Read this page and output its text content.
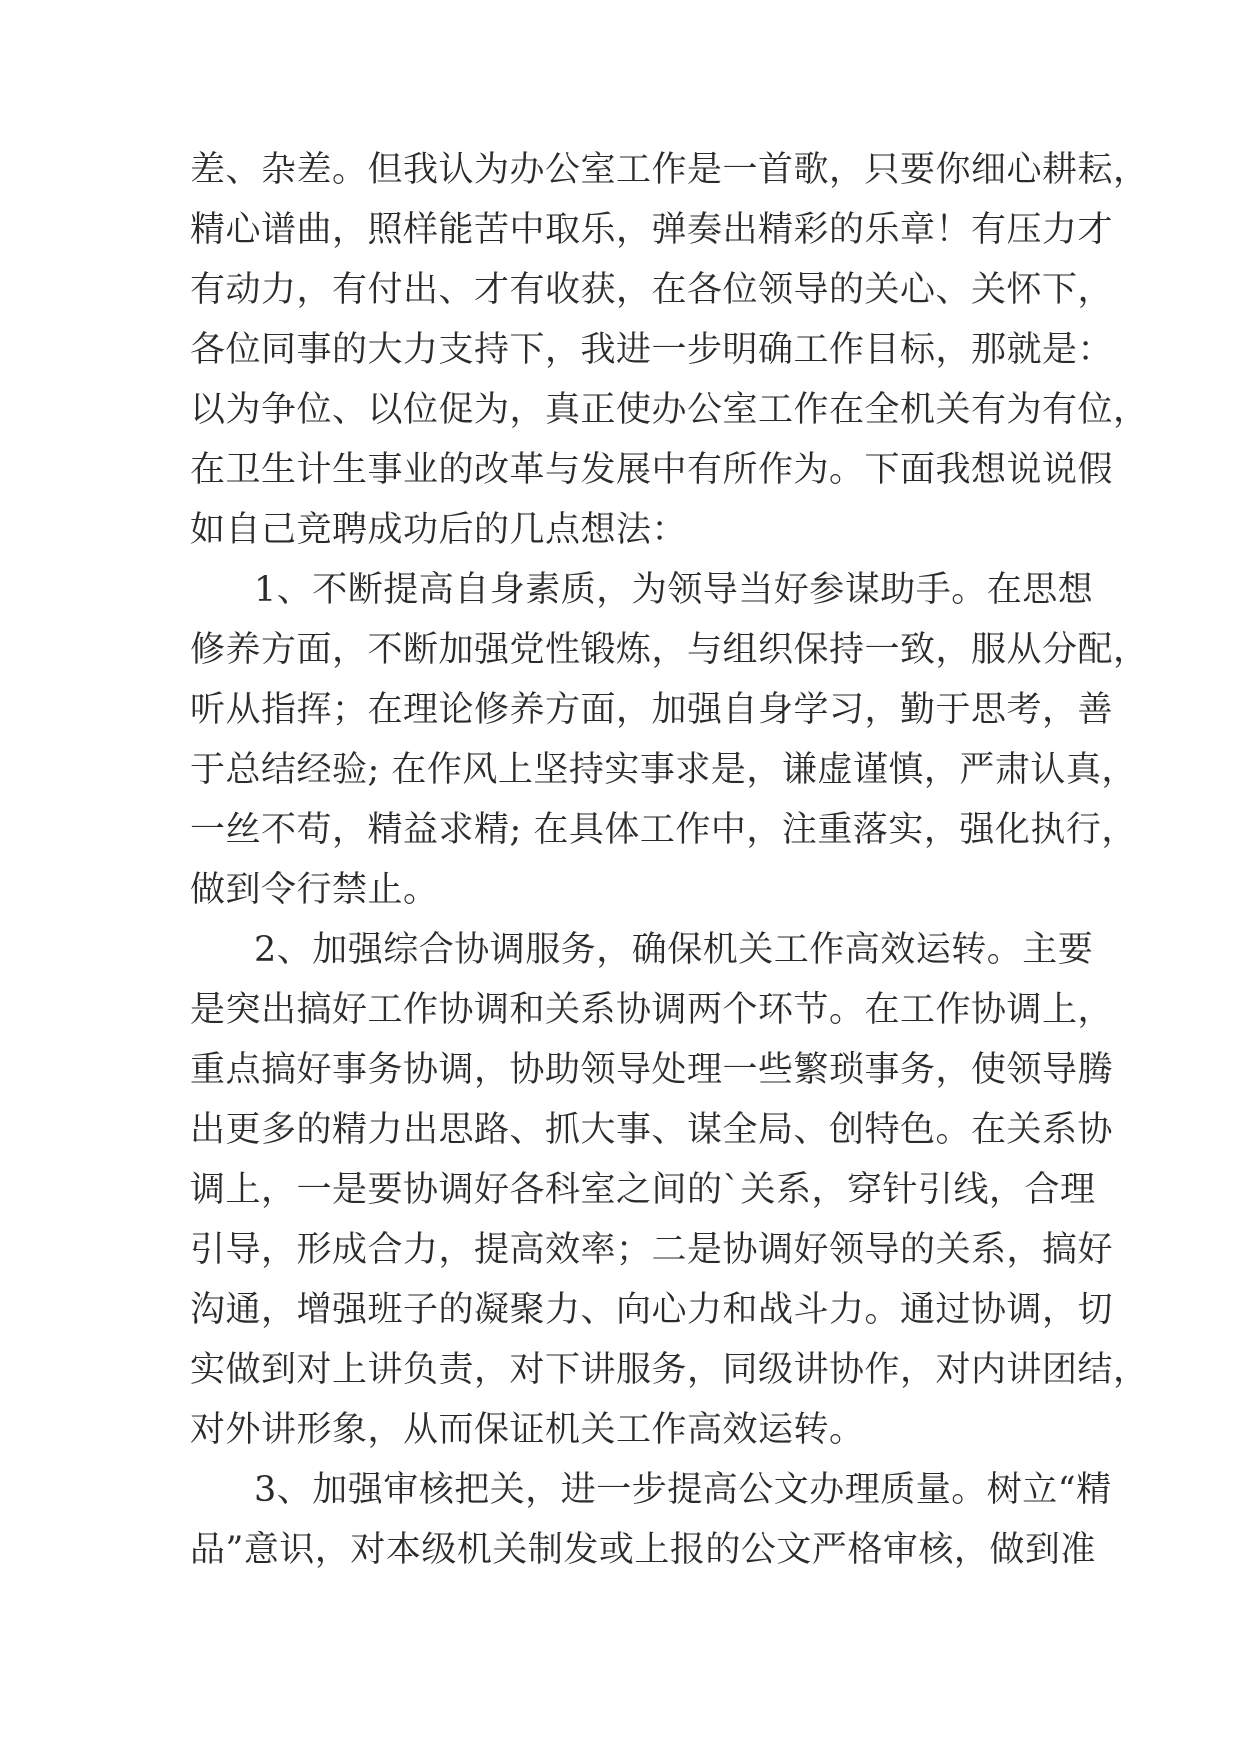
差、杂差。但我认为办公室工作是一首歌，只要你细心耕耘，
精心谱曲，照样能苦中取乐，弹奏出精彩的乐章！有压力才
有动力，有付出、才有收获，在各位领导的关心、关怀下，
各位同事的大力支持下，我进一步明确工作目标，那就是：
以为争位、以位促为，真正使办公室工作在全机关有为有位，
在卫生计生事业的改革与发展中有所作为。下面我想说说假
如自己竞聘成功后的几点想法：
1、不断提高自身素质，为领导当好参谋助手。在思想
修养方面，不断加强党性锻炼，与组织保持一致，服从分配，
听从指挥；在理论修养方面，加强自身学习，勤于思考，善
于总结经验; 在作风上坚持实事求是，谦虚谨慎，严肃认真，
一丝不苟，精益求精; 在具体工作中，注重落实，强化执行，
做到令行禁止。
2、加强综合协调服务，确保机关工作高效运转。主要
是突出搞好工作协调和关系协调两个环节。在工作协调上，
重点搞好事务协调，协助领导处理一些繁琐事务，使领导腾
出更多的精力出思路、抓大事、谋全局、创特色。在关系协
调上，一是要协调好各科室之间的`关系，穿针引线，合理
引导，形成合力，提高效率；二是协调好领导的关系，搞好
沟通，增强班子的凝聚力、向心力和战斗力。通过协调，切
实做到对上讲负责，对下讲服务，同级讲协作，对内讲团结，
对外讲形象，从而保证机关工作高效运转。
3、加强审核把关，进一步提高公文办理质量。树立“精
品”意识，对本级机关制发或上报的公文严格审核，做到准
